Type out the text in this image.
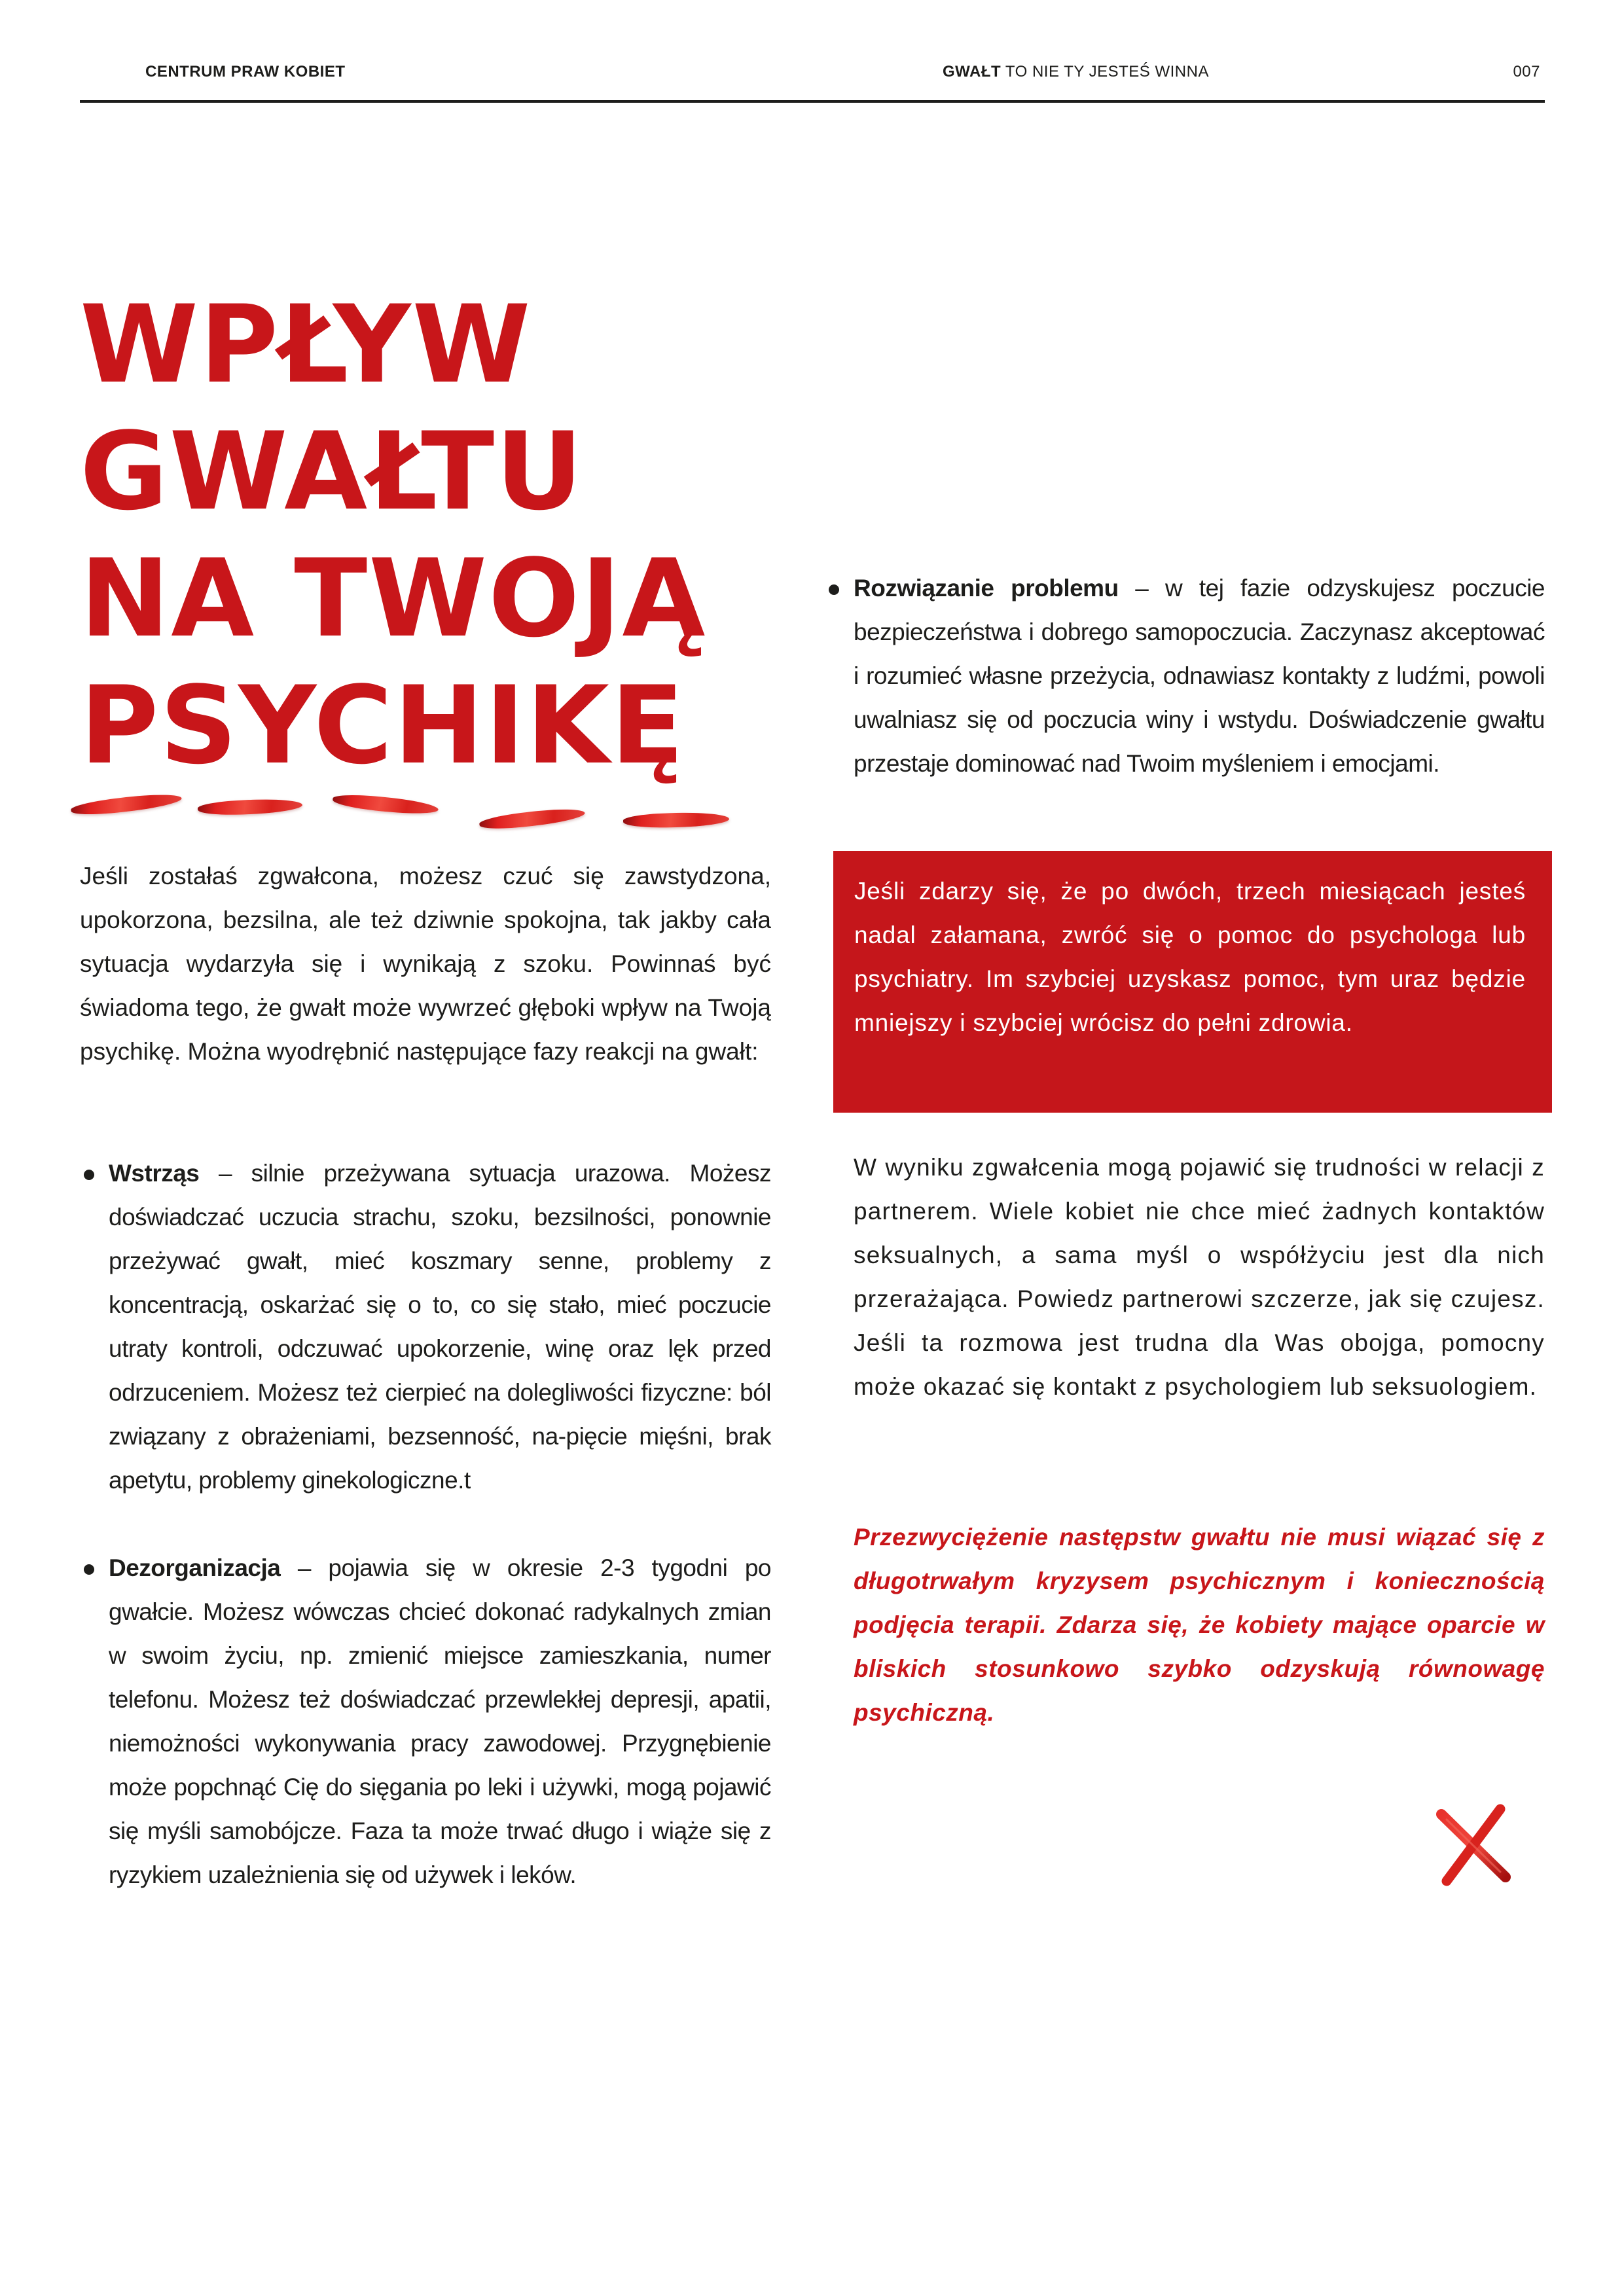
CENTRUM PRAW KOBIET	GWAŁT TO NIE TY JESTEŚ WINNA	007
WPŁYW
GWAŁTU
NA TWOJĄ
PSYCHIKĘ

Jeśli zostałaś zgwałcona, możesz czuć się zawstydzona, upokorzona, bezsilna, ale też dziwnie spokojna, tak jakby cała sytuacja wydarzyła się i wynikają z szoku. Powinnaś być świadoma tego, że gwałt może wywrzeć głęboki wpływ na Twoją psychikę. Można wyodrębnić następujące fazy reakcji na gwałt:

Wstrząs – silnie przeżywana sytuacja urazowa. Możesz doświadczać uczucia strachu, szoku, bezsilności, ponownie przeżywać gwałt, mieć koszmary senne, problemy z koncentracją, oskarżać się o to, co się stało, mieć poczucie utraty kontroli, odczuwać upokorzenie, winę oraz lęk przed odrzuceniem. Możesz też cierpieć na dolegliwości fizyczne: ból związany z obrażeniami, bezsenność, na-pięcie mięśni, brak apetytu, problemy ginekologiczne.t

Dezorganizacja – pojawia się w okresie 2-3 tygodni po gwałcie. Możesz wówczas chcieć dokonać radykalnych zmian w swoim życiu, np. zmienić miejsce zamieszkania, numer telefonu. Możesz też doświadczać przewlekłej depresji, apatii, niemożności wykonywania pracy zawodowej. Przygnębienie może popchnąć Cię do sięgania po leki i używki, mogą pojawić się myśli samobójcze. Faza ta może trwać długo i wiąże się z ryzykiem uzależnienia się od używek i leków.

Rozwiązanie problemu – w tej fazie odzyskujesz poczucie bezpieczeństwa i dobrego samopoczucia. Zaczynasz akceptować i rozumieć własne przeżycia, odnawiasz kontakty z ludźmi, powoli uwalniasz się od poczucia winy i wstydu. Doświadczenie gwałtu przestaje dominować nad Twoim myśleniem i emocjami.

Jeśli zdarzy się, że po dwóch, trzech miesiącach jesteś nadal załamana, zwróć się o pomoc do psychologa lub psychiatry. Im szybciej uzyskasz pomoc, tym uraz będzie mniejszy i szybciej wrócisz do pełni zdrowia.

W wyniku zgwałcenia mogą pojawić się trudności w relacji z partnerem. Wiele kobiet nie chce mieć żadnych kontaktów seksualnych, a sama myśl o współżyciu jest dla nich przerażająca. Powiedz partnerowi szczerze, jak się czujesz. Jeśli ta rozmowa jest trudna dla Was obojga, pomocny może okazać się kontakt z psychologiem lub seksuologiem.
Przezwyciężenie następstw gwałtu nie musi wiązać się z długotrwałym kryzysem psychicznym i koniecznością podjęcia terapii. Zdarza się, że kobiety mające oparcie w bliskich stosunkowo szybko odzyskują równowagę psychiczną.
